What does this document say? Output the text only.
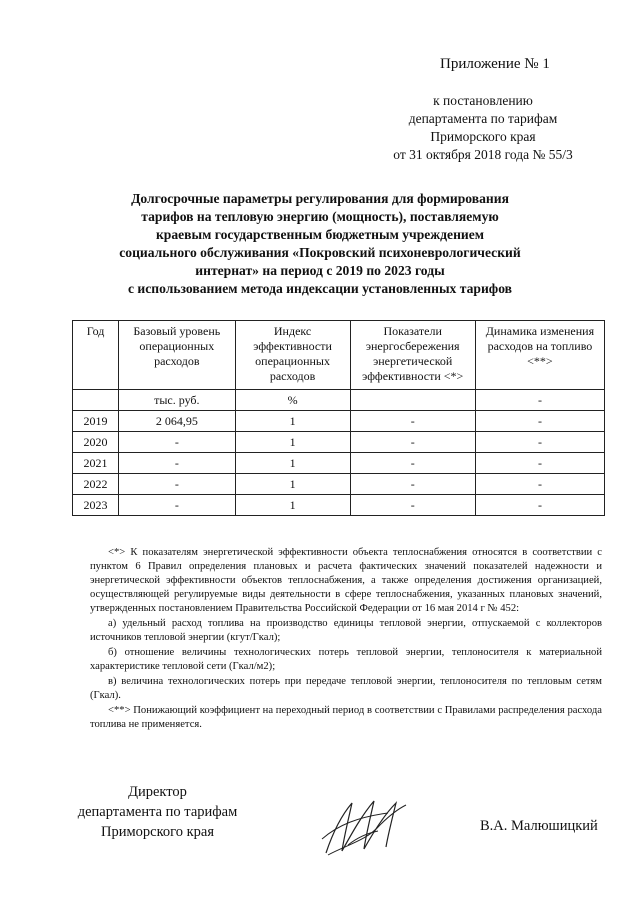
Приложение № 1
к постановлению
департамента по тарифам
Приморского края
от 31 октября 2018 года № 55/3
Долгосрочные параметры регулирования для формирования
тарифов на тепловую энергию (мощность), поставляемую
краевым государственным бюджетным учреждением
социального обслуживания «Покровский психоневрологический
интернат» на период с 2019 по 2023 годы
с использованием метода индексации установленных тарифов
Год	Базовый уровень операционных расходов	Индекс эффективности операционных расходов	Показатели энергосбережения энергетической эффективности <*>	Динамика изменения расходов на топливо <**>
	тыс. руб.	%		-
2019	2 064,95	1	-	-
2020	-	1	-	-
2021	-	1	-	-
2022	-	1	-	-
2023	-	1	-	-

<*> К показателям энергетической эффективности объекта теплоснабжения относятся в соответствии с пунктом 6 Правил определения плановых и расчета фактических значений показателей надежности и энергетической эффективности объектов теплоснабжения, а также определения достижения организацией, осуществляющей регулируемые виды деятельности в сфере теплоснабжения, указанных плановых значений, утвержденных постановлением Правительства Российской Федерации от 16 мая 2014 г № 452:

а) удельный расход топлива на производство единицы тепловой энергии, отпускаемой с коллекторов источников тепловой энергии (кгут/Гкал);

б) отношение величины технологических потерь тепловой энергии, теплоносителя к материальной характеристике тепловой сети (Гкал/м2);

в) величина технологических потерь при передаче тепловой энергии, теплоносителя по тепловым сетям (Гкал).

<**> Понижающий коэффициент на переходный период в соответствии с Правилами распределения расхода топлива не применяется.

Директор
департамента по тарифам
Приморского края	В.А. Малюшицкий
